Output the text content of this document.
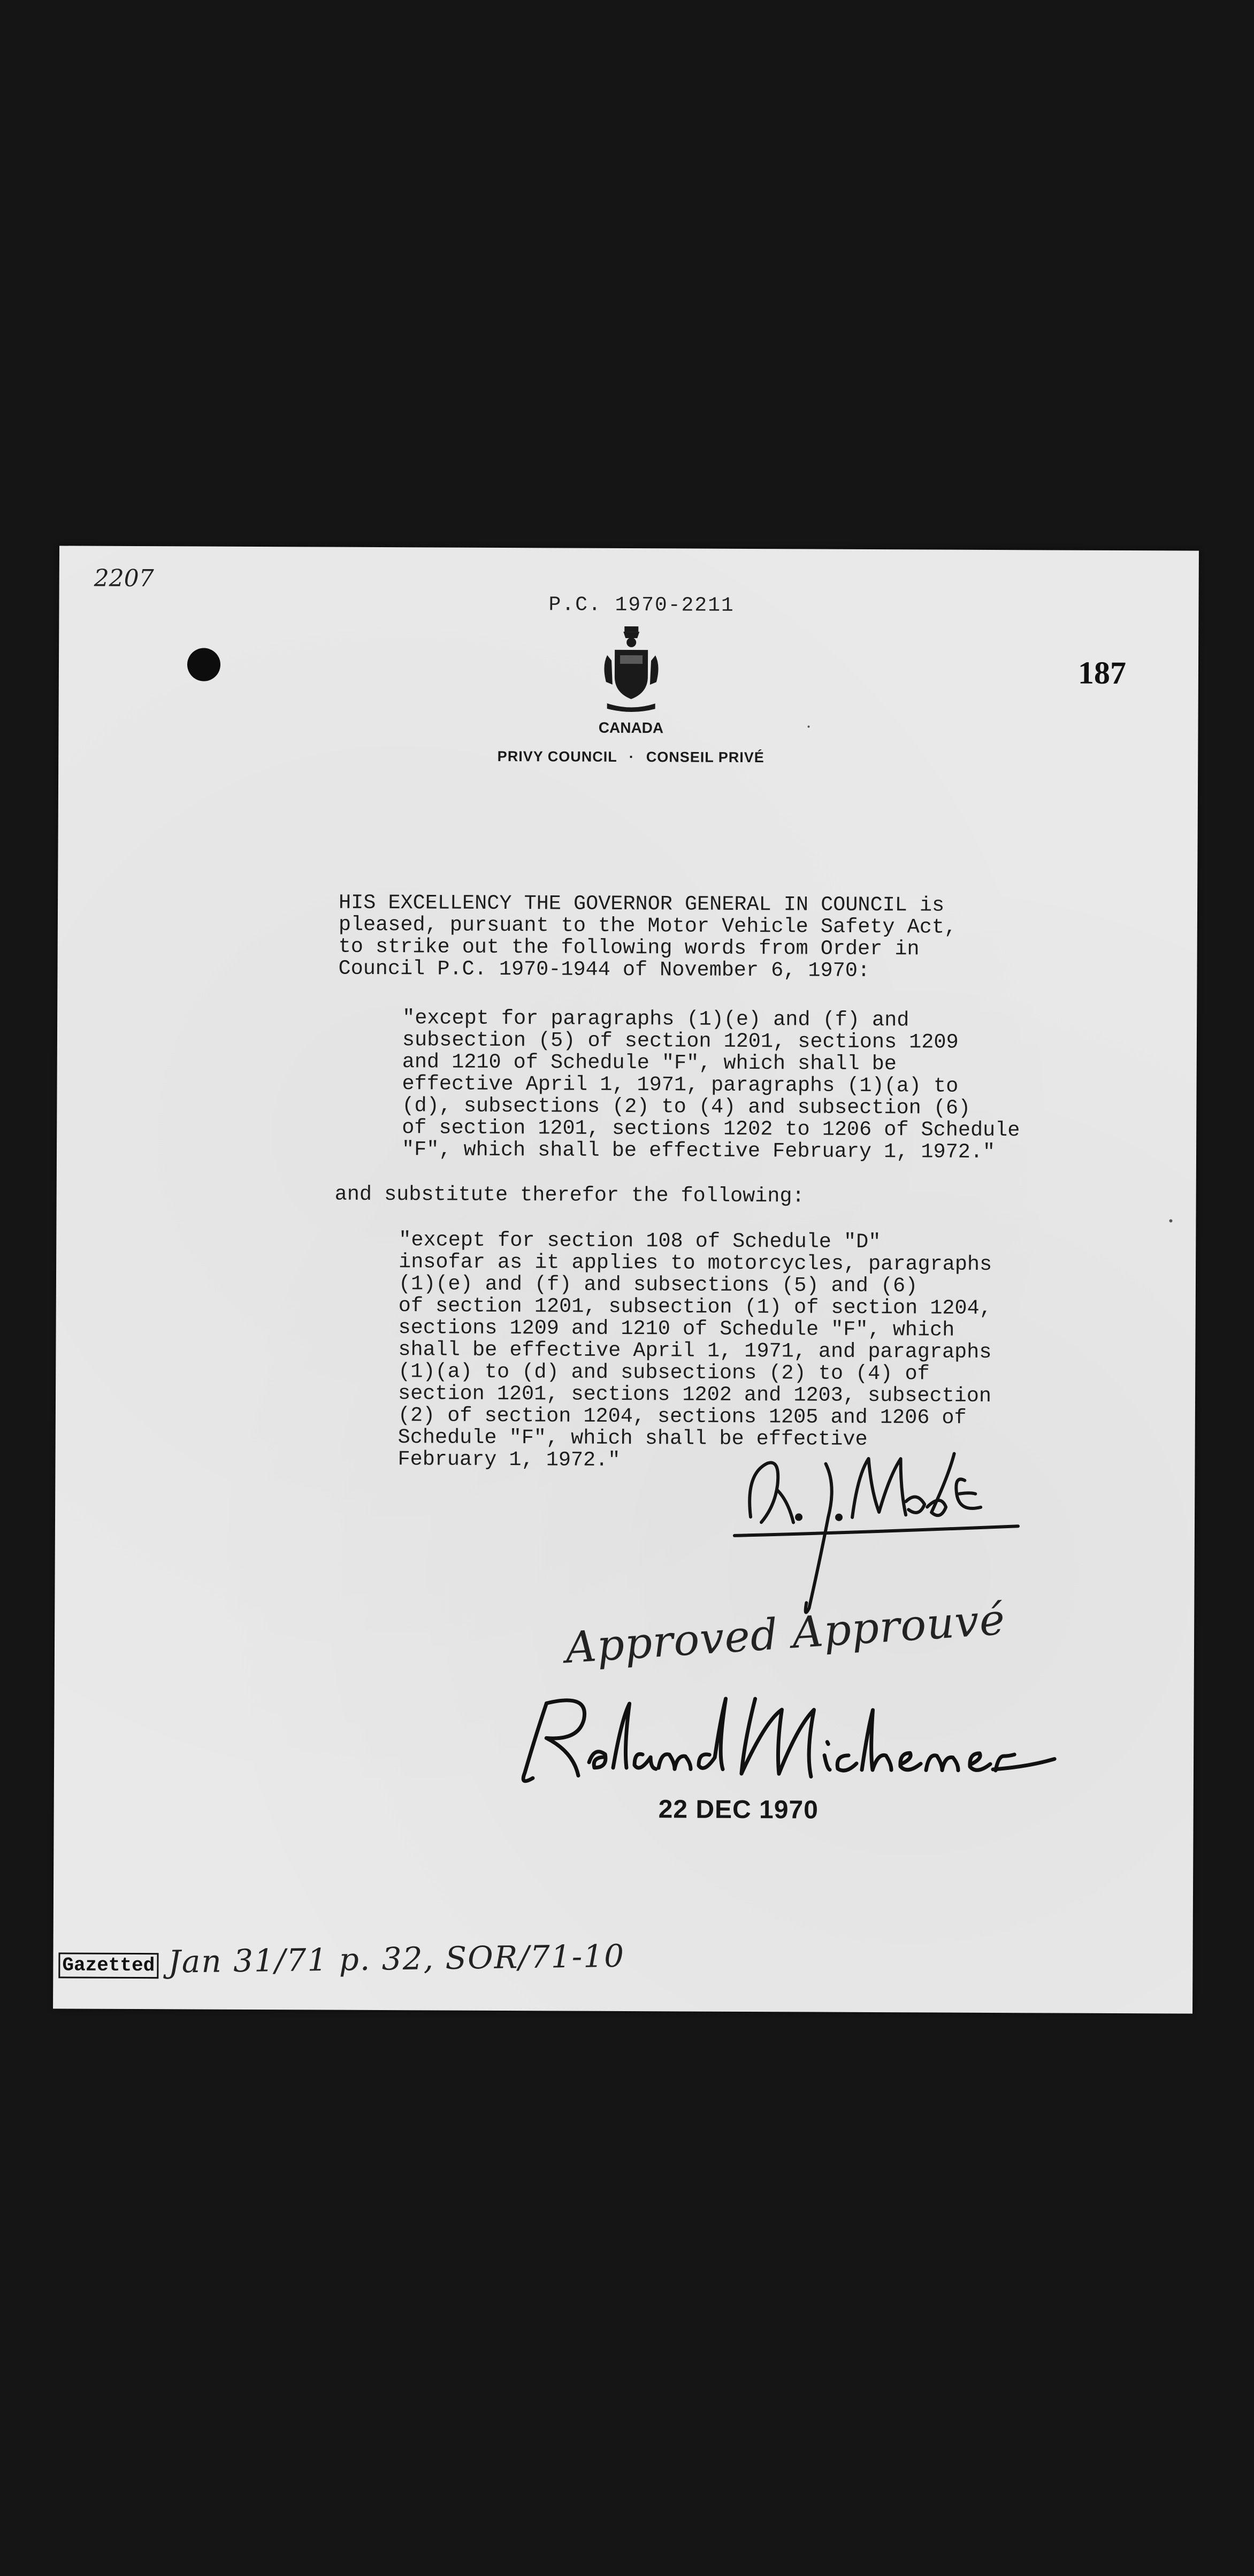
2207
P.C. 1970-2211
187
CANADA
PRIVY COUNCIL · CONSEIL PRIVÉ
HIS EXCELLENCY THE GOVERNOR GENERAL IN COUNCIL is
pleased, pursuant to the Motor Vehicle Safety Act,
to strike out the following words from Order in
Council P.C. 1970-1944 of November 6, 1970:
"except for paragraphs (1)(e) and (f) and
subsection (5) of section 1201, sections 1209
and 1210 of Schedule "F", which shall be
effective April 1, 1971, paragraphs (1)(a) to
(d), subsections (2) to (4) and subsection (6)
of section 1201, sections 1202 to 1206 of Schedule
"F", which shall be effective February 1, 1972."
and substitute therefor the following:
"except for section 108 of Schedule "D"
insofar as it applies to motorcycles, paragraphs
(1)(e) and (f) and subsections (5) and (6)
of section 1201, subsection (1) of section 1204,
sections 1209 and 1210 of Schedule "F", which
shall be effective April 1, 1971, and paragraphs
(1)(a) to (d) and subsections (2) to (4) of
section 1201, sections 1202 and 1203, subsection
(2) of section 1204, sections 1205 and 1206 of
Schedule "F", which shall be effective
February 1, 1972."
Approved Approuvé
22 DEC 1970
Gazetted Jan 31/71 p. 32, SOR/71-10
